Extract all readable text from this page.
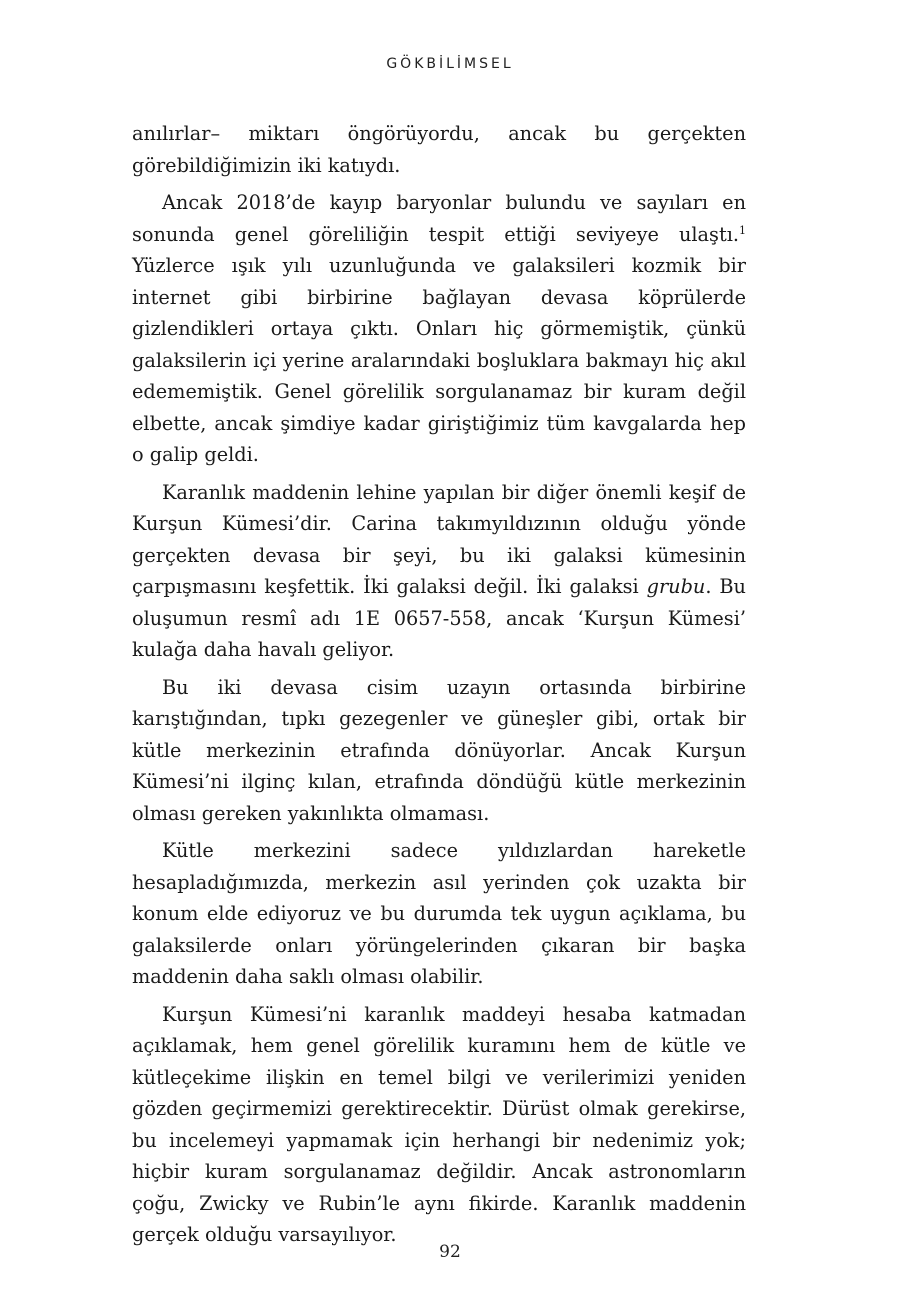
GÖKBİLİMSEL

anılırlar– miktarı öngörüyordu, ancak bu gerçekten görebildiğimizin iki katıydı.

Ancak 2018’de kayıp baryonlar bulundu ve sayıları en sonunda genel göreliliğin tespit ettiği seviyeye ulaştı.$^1$ Yüzlerce ışık yılı uzunluğunda ve galaksileri kozmik bir internet gibi birbirine bağlayan devasa köprülerde gizlendikleri ortaya çıktı. Onları hiç görmemiştik, çünkü galaksilerin içi yerine aralarındaki boşluklara bakmayı hiç akıl edememiştik. Genel görelilik sorgulanamaz bir kuram değil elbette, ancak şimdiye kadar giriştiğimiz tüm kavgalarda hep o galip geldi.

Karanlık maddenin lehine yapılan bir diğer önemli keşif de Kurşun Kümesi’dir. Carina takımyıldızının olduğu yönde gerçekten devasa bir şeyi, bu iki galaksi kümesinin çarpışmasını keşfettik. İki galaksi değil. İki galaksi grubu. Bu oluşumun resmî adı 1E 0657-558, ancak ‘Kurşun Kümesi’ kulağa daha havalı geliyor.

Bu iki devasa cisim uzayın ortasında birbirine karıştığından, tıpkı gezegenler ve güneşler gibi, ortak bir kütle merkezinin etrafında dönüyorlar. Ancak Kurşun Kümesi’ni ilginç kılan, etrafında döndüğü kütle merkezinin olması gereken yakınlıkta olmaması.

Kütle merkezini sadece yıldızlardan hareketle hesapladığımızda, merkezin asıl yerinden çok uzakta bir konum elde ediyoruz ve bu durumda tek uygun açıklama, bu galaksilerde onları yörüngelerinden çıkaran bir başka maddenin daha saklı olması olabilir.

Kurşun Kümesi’ni karanlık maddeyi hesaba katmadan açıklamak, hem genel görelilik kuramını hem de kütle ve kütleçekime ilişkin en temel bilgi ve verilerimizi yeniden gözden geçirmemizi gerektirecektir. Dürüst olmak gerekirse, bu incelemeyi yapmamak için herhangi bir nedenimiz yok; hiçbir kuram sorgulanamaz değildir. Ancak astronomların çoğu, Zwicky ve Rubin’le aynı fikirde. Karanlık maddenin gerçek olduğu varsayılıyor.

92
